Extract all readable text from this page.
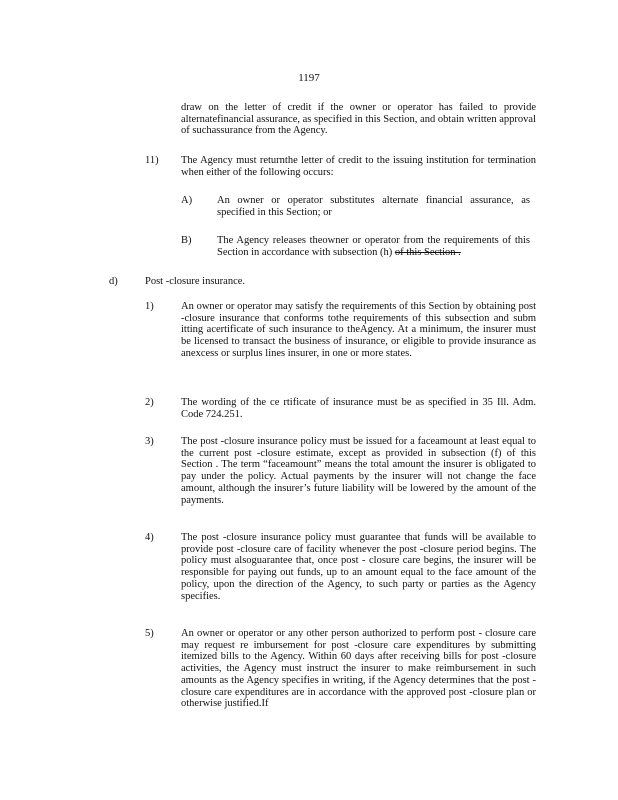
1197
draw on the letter of credit if the owner or operator has failed to provide alternatefinancial assurance, as specified in this Section, and obtain written approval of suchassurance from the Agency.
11) The Agency must returnthe letter of credit to the issuing institution for termination when either of the following occurs:
A) An owner or operator substitutes alternate financial assurance, as specified in this Section; or
B) The Agency releases theowner or operator from the requirements of this Section in accordance with subsection (h) of this Section .
d)	Post -closure insurance.
1)	An owner or operator may satisfy the requirements of this Section by obtaining post -closure insurance that conforms tothe requirements of this subsection and subm itting acertificate of such insurance to theAgency. At a minimum, the insurer must be licensed to transact the business of insurance, or eligible to provide insurance as anexcess or surplus lines insurer, in one or more states.
2)	The wording of the ce rtificate of insurance must be as specified in 35 Ill. Adm. Code 724.251.
3)	The post -closure insurance policy must be issued for a faceamount at least equal to the current post -closure estimate, except as provided in subsection (f) of this Section . The term “faceamount” means the total amount the insurer is obligated to pay under the policy. Actual payments by the insurer will not change the face amount, although the insurer’s future liability will be lowered by the amount of the payments.
4)	The post -closure insurance policy must guarantee that funds will be available to provide post -closure care of facility whenever the post -closure period begins. The policy must alsoguarantee that, once post - closure care begins, the insurer will be responsible for paying out funds, up to an amount equal to the face amount of the policy, upon the direction of the Agency, to such party or parties as the Agency specifies.
5)	An owner or operator or any other person authorized to perform post - closure care may request re imbursement for post -closure care expenditures by submitting itemized bills to the Agency. Within 60 days after receiving bills for post -closure activities, the Agency must instruct the insurer to make reimbursement in such amounts as the Agency specifies in writing, if the Agency determines that the post -closure care expenditures are in accordance with the approved post -closure plan or otherwise justified.If
